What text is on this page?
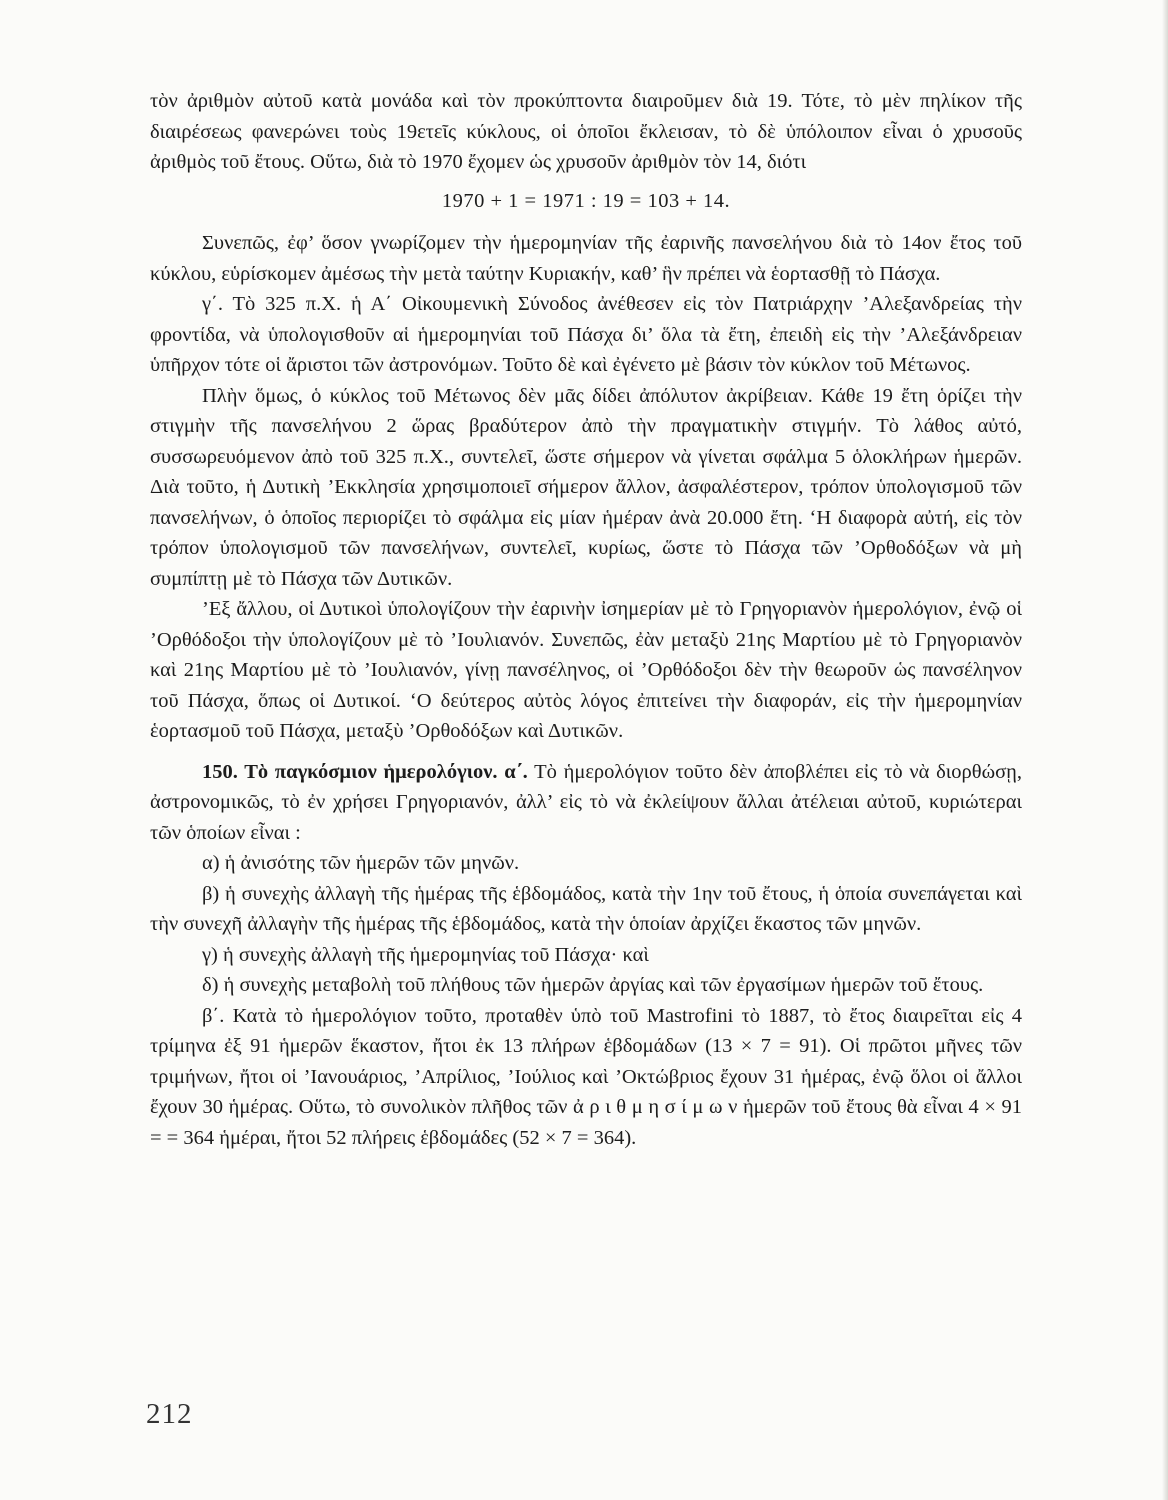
τὸν ἀριθμὸν αὐτοῦ κατὰ μονάδα καὶ τὸν προκύπτοντα διαιροῦμεν διὰ 19. Τότε, τὸ μὲν πηλίκον τῆς διαιρέσεως φανερώνει τοὺς 19ετεῖς κύκλους, οἱ ὁποῖοι ἔκλεισαν, τὸ δὲ ὑπόλοιπον εἶναι ὁ χρυσοῦς ἀριθμὸς τοῦ ἔτους. Οὕτω, διὰ τὸ 1970 ἔχομεν ὡς χρυσοῦν ἀριθμὸν τὸν 14, διότι

1970 + 1 = 1971 : 19 = 103 + 14.

Συνεπῶς, ἐφ’ ὅσον γνωρίζομεν τὴν ἡμερομηνίαν τῆς ἐαρινῆς πανσελήνου διὰ τὸ 14ον ἔτος τοῦ κύκλου, εὑρίσκομεν ἀμέσως τὴν μετὰ ταύτην Κυριακήν, καθ’ ἣν πρέπει νὰ ἑορτασθῇ τὸ Πάσχα.

γ΄. Τὸ 325 π.Χ. ἡ Α΄ Οἰκουμενικὴ Σύνοδος ἀνέθεσεν εἰς τὸν Πατριάρχην ’Αλεξανδρείας τὴν φροντίδα, νὰ ὑπολογισθοῦν αἱ ἡμερομηνίαι τοῦ Πάσχα δι’ ὅλα τὰ ἔτη, ἐπειδὴ εἰς τὴν ’Αλεξάνδρειαν ὑπῆρχον τότε οἱ ἄριστοι τῶν ἀστρονόμων. Τοῦτο δὲ καὶ ἐγένετο μὲ βάσιν τὸν κύκλον τοῦ Μέτωνος.

Πλὴν ὅμως, ὁ κύκλος τοῦ Μέτωνος δὲν μᾶς δίδει ἀπόλυτον ἀκρίβειαν. Κάθε 19 ἔτη ὁρίζει τὴν στιγμὴν τῆς πανσελήνου 2 ὥρας βραδύτερον ἀπὸ τὴν πραγματικὴν στιγμήν. Τὸ λάθος αὐτό, συσσωρευόμενον ἀπὸ τοῦ 325 π.Χ., συντελεῖ, ὥστε σήμερον νὰ γίνεται σφάλμα 5 ὁλοκλήρων ἡμερῶν. Διὰ τοῦτο, ἡ Δυτικὴ ’Εκκλησία χρησιμοποιεῖ σήμερον ἄλλον, ἀσφαλέστερον, τρόπον ὑπολογισμοῦ τῶν πανσελήνων, ὁ ὁποῖος περιορίζει τὸ σφάλμα εἰς μίαν ἡμέραν ἀνὰ 20.000 ἔτη. ‘Η διαφορὰ αὐτή, εἰς τὸν τρόπον ὑπολογισμοῦ τῶν πανσελήνων, συντελεῖ, κυρίως, ὥστε τὸ Πάσχα τῶν ’Ορθοδόξων νὰ μὴ συμπίπτῃ μὲ τὸ Πάσχα τῶν Δυτικῶν.

’Εξ ἄλλου, οἱ Δυτικοὶ ὑπολογίζουν τὴν ἐαρινὴν ἰσημερίαν μὲ τὸ Γρηγοριανὸν ἡμερολόγιον, ἐνῷ οἱ ’Ορθόδοξοι τὴν ὑπολογίζουν μὲ τὸ ’Ιουλιανόν. Συνεπῶς, ἐὰν μεταξὺ 21ης Μαρτίου μὲ τὸ Γρηγοριανὸν καὶ 21ης Μαρτίου μὲ τὸ ’Ιουλιανόν, γίνῃ πανσέληνος, οἱ ’Ορθόδοξοι δὲν τὴν θεωροῦν ὡς πανσέληνον τοῦ Πάσχα, ὅπως οἱ Δυτικοί. ‘Ο δεύτερος αὐτὸς λόγος ἐπιτείνει τὴν διαφοράν, εἰς τὴν ἡμερομηνίαν ἑορτασμοῦ τοῦ Πάσχα, μεταξὺ ’Ορθοδόξων καὶ Δυτικῶν.

150. Τὸ παγκόσμιον ἡμερολόγιον. α΄. Τὸ ἡμερολόγιον τοῦτο δὲν ἀποβλέπει εἰς τὸ νὰ διορθώσῃ, ἀστρονομικῶς, τὸ ἐν χρήσει Γρηγοριανόν, ἀλλ’ εἰς τὸ νὰ ἐκλείψουν ἄλλαι ἀτέλειαι αὐτοῦ, κυριώτεραι τῶν ὁποίων εἶναι :

α) ἡ ἀνισότης τῶν ἡμερῶν τῶν μηνῶν.

β) ἡ συνεχὴς ἀλλαγὴ τῆς ἡμέρας τῆς ἑβδομάδος, κατὰ τὴν 1ην τοῦ ἔτους, ἡ ὁποία συνεπάγεται καὶ τὴν συνεχῆ ἀλλαγὴν τῆς ἡμέρας τῆς ἑβδομάδος, κατὰ τὴν ὁποίαν ἀρχίζει ἕκαστος τῶν μηνῶν.

γ) ἡ συνεχὴς ἀλλαγὴ τῆς ἡμερομηνίας τοῦ Πάσχα· καὶ

δ) ἡ συνεχὴς μεταβολὴ τοῦ πλήθους τῶν ἡμερῶν ἀργίας καὶ τῶν ἐργασίμων ἡμερῶν τοῦ ἔτους.

β΄. Κατὰ τὸ ἡμερολόγιον τοῦτο, προταθὲν ὑπὸ τοῦ Mastrofini τὸ 1887, τὸ ἔτος διαιρεῖται εἰς 4 τρίμηνα ἐξ 91 ἡμερῶν ἕκαστον, ἤτοι ἐκ 13 πλήρων ἑβδομάδων (13 × 7 = 91). Οἱ πρῶτοι μῆνες τῶν τριμήνων, ἤτοι οἱ ’Ιανουάριος, ’Απρίλιος, ’Ιούλιος καὶ ’Οκτώβριος ἔχουν 31 ἡμέρας, ἐνῷ ὅλοι οἱ ἄλλοι ἔχουν 30 ἡμέρας. Οὕτω, τὸ συνολικὸν πλῆθος τῶν ἀ ρ ι θ μ η σ ί μ ω ν ἡμερῶν τοῦ ἔτους θὰ εἶναι 4 × 91 = = 364 ἡμέραι, ἤτοι 52 πλήρεις ἑβδομάδες (52 × 7 = 364).

212
